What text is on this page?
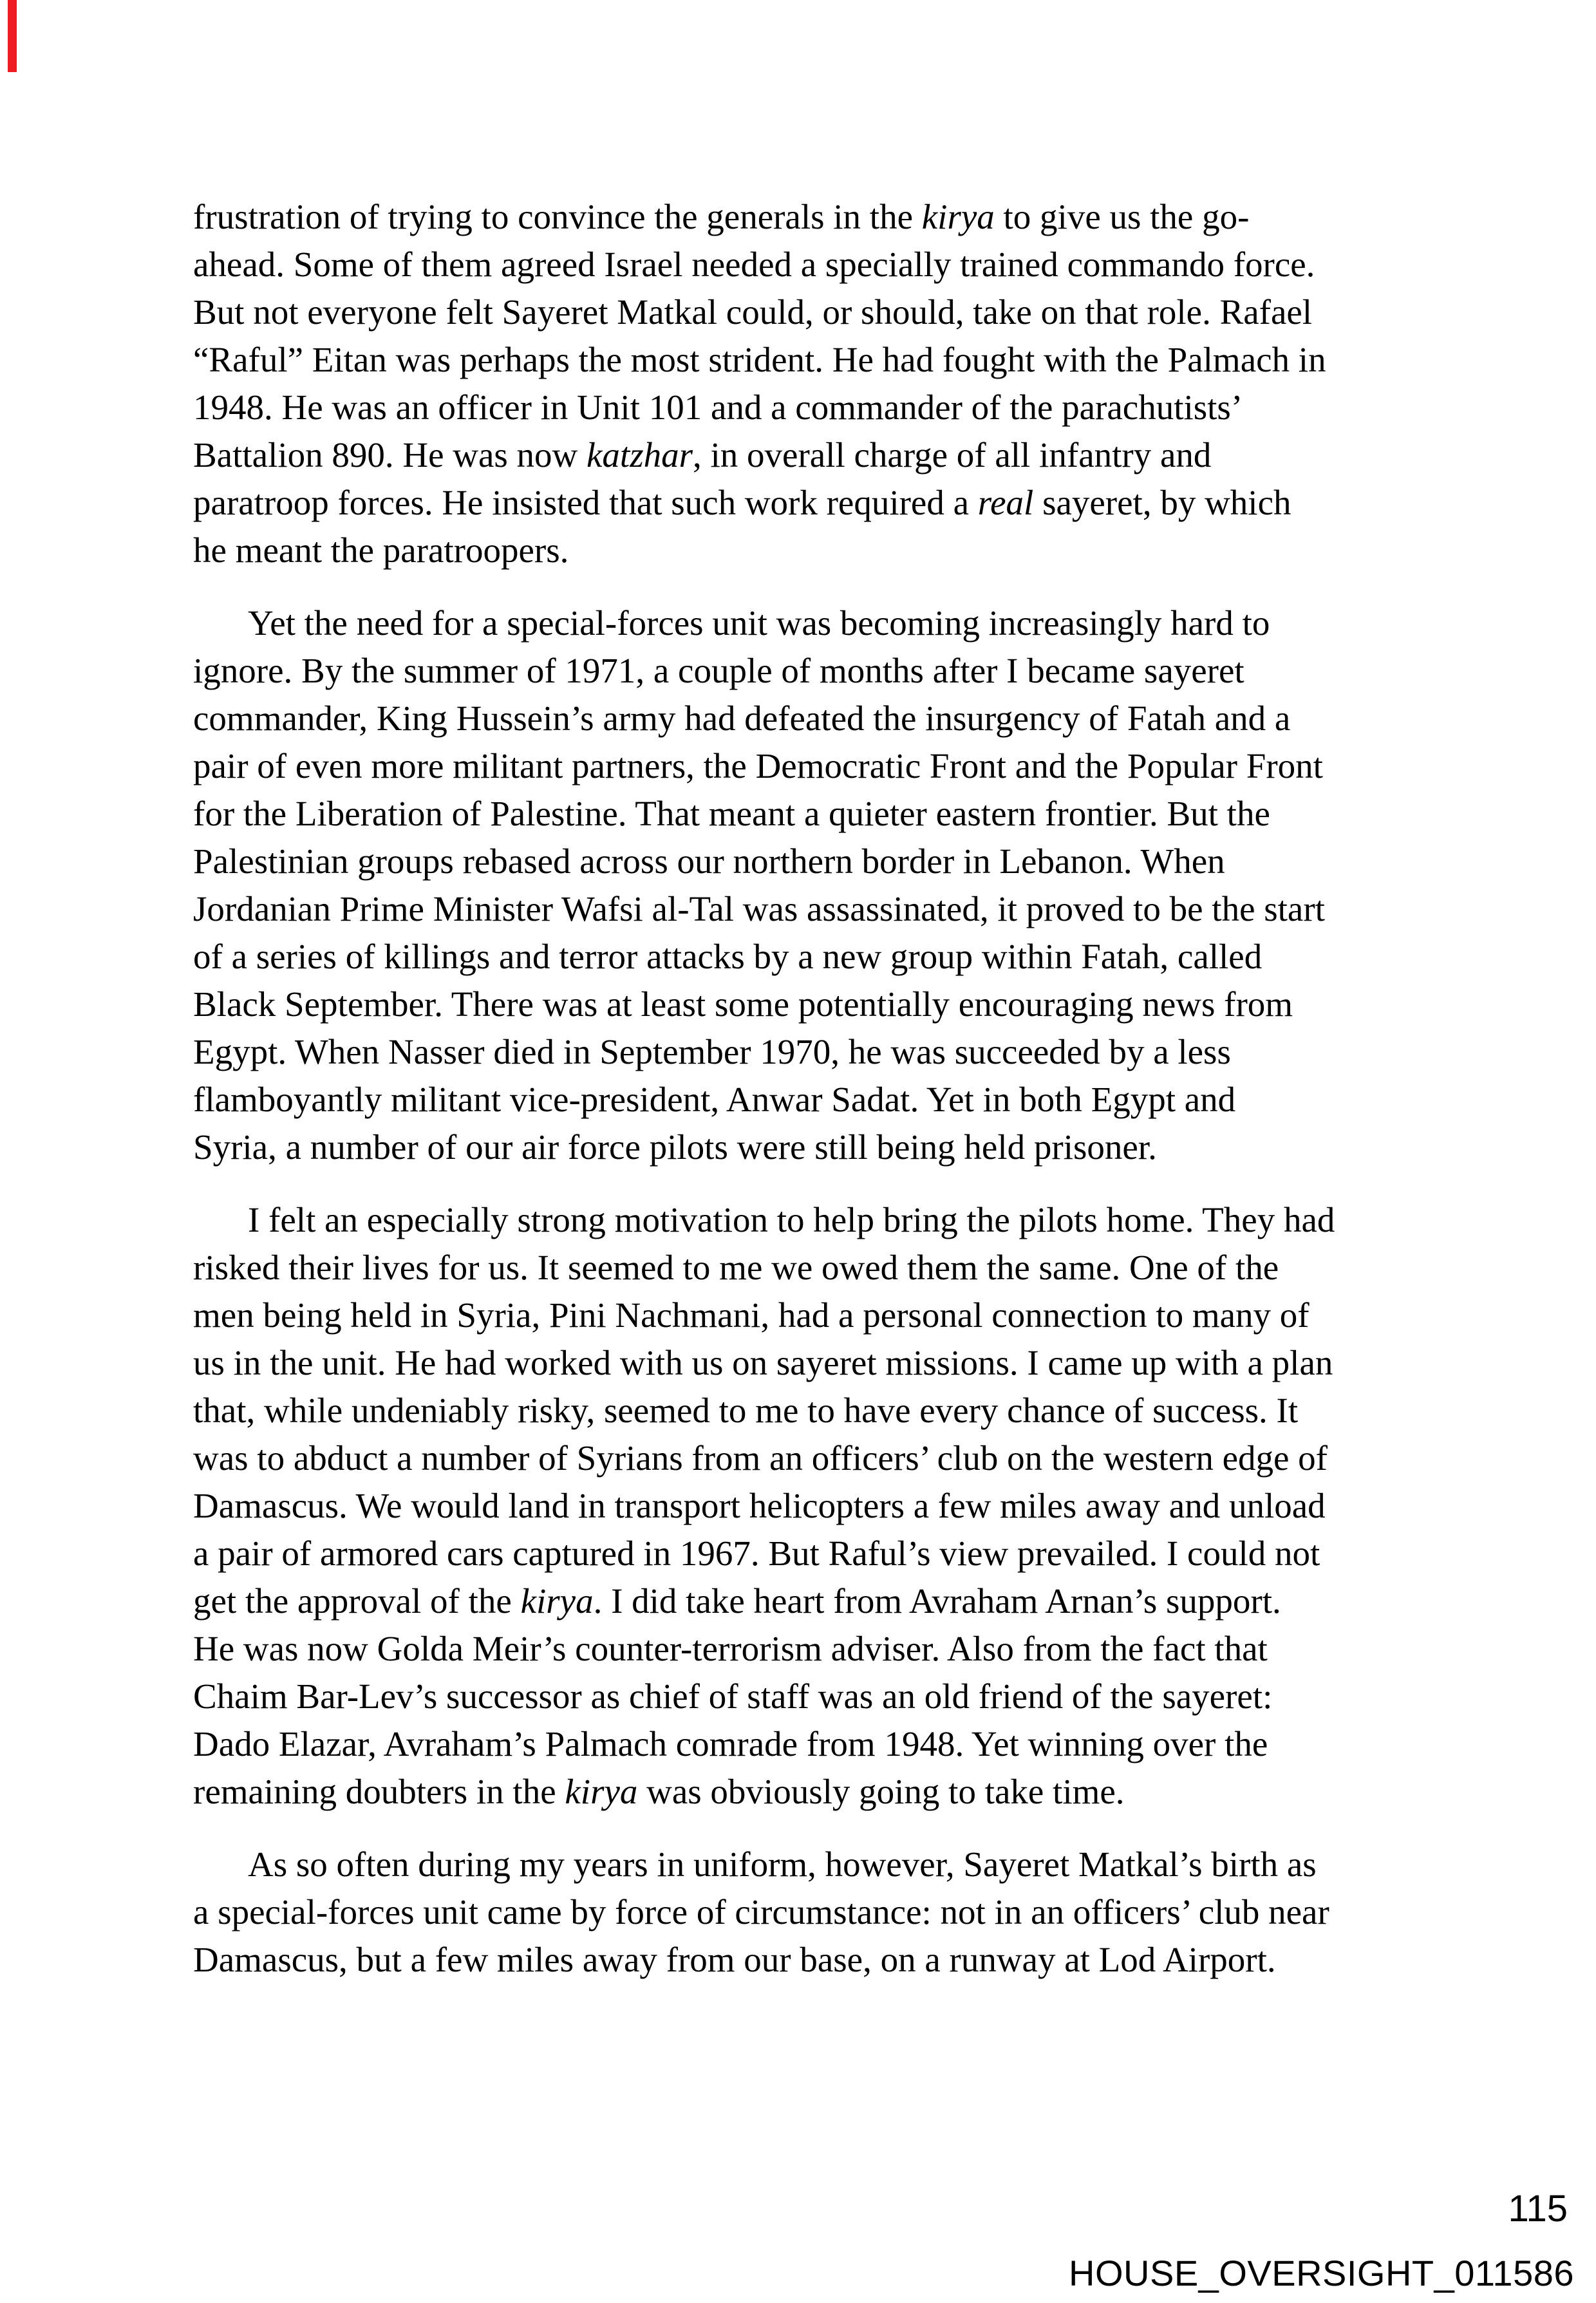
frustration of trying to convince the generals in the kirya to give us the go-
ahead. Some of them agreed Israel needed a specially trained commando force.
But not everyone felt Sayeret Matkal could, or should, take on that role. Rafael
“Raful” Eitan was perhaps the most strident. He had fought with the Palmach in
1948. He was an officer in Unit 101 and a commander of the parachutists’
Battalion 890. He was now katzhar, in overall charge of all infantry and
paratroop forces. He insisted that such work required a real sayeret, by which
he meant the paratroopers.
Yet the need for a special-forces unit was becoming increasingly hard to
ignore. By the summer of 1971, a couple of months after I became sayeret
commander, King Hussein’s army had defeated the insurgency of Fatah and a
pair of even more militant partners, the Democratic Front and the Popular Front
for the Liberation of Palestine. That meant a quieter eastern frontier. But the
Palestinian groups rebased across our northern border in Lebanon. When
Jordanian Prime Minister Wafsi al-Tal was assassinated, it proved to be the start
of a series of killings and terror attacks by a new group within Fatah, called
Black September. There was at least some potentially encouraging news from
Egypt. When Nasser died in September 1970, he was succeeded by a less
flamboyantly militant vice-president, Anwar Sadat. Yet in both Egypt and
Syria, a number of our air force pilots were still being held prisoner.
I felt an especially strong motivation to help bring the pilots home. They had
risked their lives for us. It seemed to me we owed them the same. One of the
men being held in Syria, Pini Nachmani, had a personal connection to many of
us in the unit. He had worked with us on sayeret missions. I came up with a plan
that, while undeniably risky, seemed to me to have every chance of success. It
was to abduct a number of Syrians from an officers’ club on the western edge of
Damascus. We would land in transport helicopters a few miles away and unload
a pair of armored cars captured in 1967. But Raful’s view prevailed. I could not
get the approval of the kirya. I did take heart from Avraham Arnan’s support.
He was now Golda Meir’s counter-terrorism adviser. Also from the fact that
Chaim Bar-Lev’s successor as chief of staff was an old friend of the sayeret:
Dado Elazar, Avraham’s Palmach comrade from 1948. Yet winning over the
remaining doubters in the kirya was obviously going to take time.
As so often during my years in uniform, however, Sayeret Matkal’s birth as
a special-forces unit came by force of circumstance: not in an officers’ club near
Damascus, but a few miles away from our base, on a runway at Lod Airport.
115
HOUSE_OVERSIGHT_011586
